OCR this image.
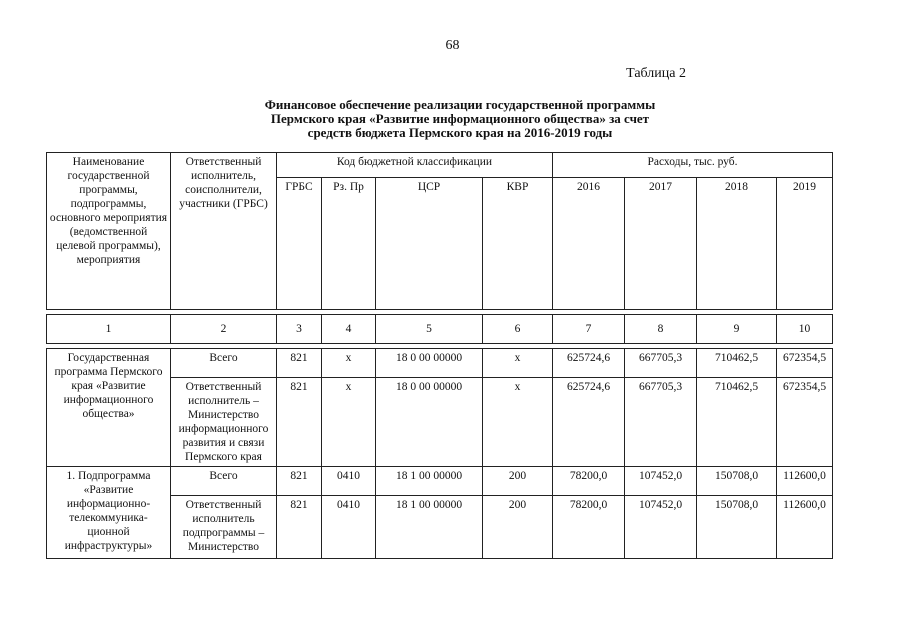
68
Таблица 2
Финансовое обеспечение реализации государственной программы
Пермского края «Развитие информационного общества» за счет
средств бюджета Пермского края на 2016-2019 годы
Наименование государственной программы, подпрограммы, основного мероприятия (ведомственной целевой программы), мероприятия	Ответственный исполнитель, соисполнители, участники (ГРБС)	Код бюджетной классификации				Расходы, тыс. руб.			
		ГРБС	Рз. Пр	ЦСР	КВР	2016	2017	2018	2019

1	2	3	4	5	6	7	8	9	10

Государственная программа Пермского края «Развитие информационного общества»	Всего	821	х	18 0 00 00000	х	625724,6	667705,3	710462,5	672354,5
	Ответственный исполнитель – Министерство информационного развития и связи Пермского края	821	х	18 0 00 00000	х	625724,6	667705,3	710462,5	672354,5
1. Подпрограмма «Развитие информационно-телекоммуника-ционной инфраструктуры»	Всего	821	0410	18 1 00 00000	200	78200,0	107452,0	150708,0	112600,0
	Ответственный исполнитель подпрограммы – Министерство	821	0410	18 1 00 00000	200	78200,0	107452,0	150708,0	112600,0
